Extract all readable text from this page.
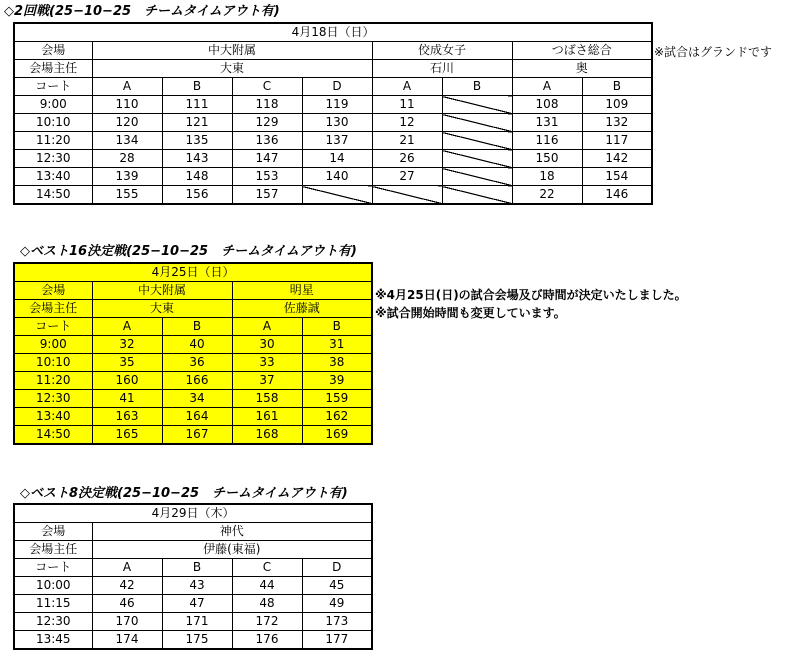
◇2回戦(25−10−25　チームタイムアウト有)
4月18日（日）								
会場	中大附属				佼成女子		つばさ総合	
会場主任	大東				石川		奥	
コート	A	B	C	D	A	B	A	B
9:00	110	111	118	119	11		108	109
10:10	120	121	129	130	12		131	132
11:20	134	135	136	137	21		116	117
12:30	28	143	147	14	26		150	142
13:40	139	148	153	140	27		18	154
14:50	155	156	157				22	146
※試合はグランドです
◇ベスト16決定戦(25−10−25　チームタイムアウト有)
4月25日（日）				
会場	中大附属		明星	
会場主任	大東		佐藤誠	
コート	A	B	A	B
9:00	32	40	30	31
10:10	35	36	33	38
11:20	160	166	37	39
12:30	41	34	158	159
13:40	163	164	161	162
14:50	165	167	168	169
※4月25日(日)の試合会場及び時間が決定いたしました。
※試合開始時間も変更しています。
◇ベスト8決定戦(25−10−25　チームタイムアウト有)
4月29日（木）				
会場	神代			
会場主任	伊藤(東福)			
コート	A	B	C	D
10:00	42	43	44	45
11:15	46	47	48	49
12:30	170	171	172	173
13:45	174	175	176	177
